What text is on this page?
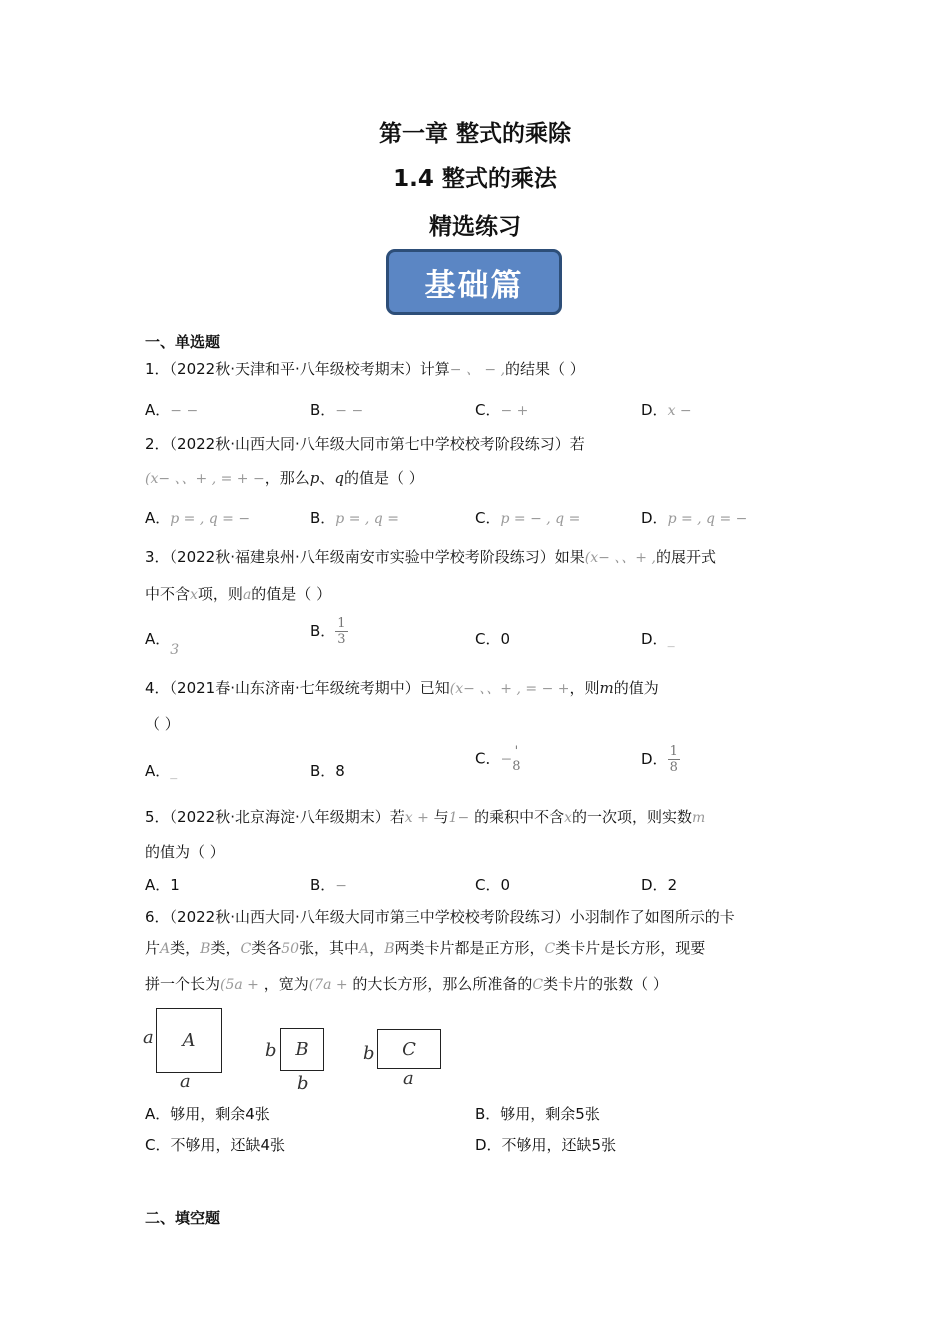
第一章 整式的乘除
1.4 整式的乘法
精选练习
基础篇
一、单选题
1．（2022秋·天津和平·八年级校考期末）计算− 、 − ,的结果（ ）
A．− −	B．− −	C．− +	D．x −
2．（2022秋·山西大同·八年级大同市第七中学校校考阶段练习）若
(x− 、、+ , = + −，那么p、q的值是（ ）
A．p = , q = −	B．p = , q =	C．p = − , q =	D．p = , q = −
3．（2022秋·福建泉州·八年级南安市实验中学校考阶段练习）如果(x− 、、+ ,的展开式
中不含x项，则a的值是（ ）
A．3
B． $\frac{1}{3}$	C．0	D．_
4．（2021春·山东济南·七年级统考期中）已知(x− 、、+ , = − +，则m的值为
（ ）
A．_	B．8
C．− '
8	D． $\frac{1}{8}$
5．（2022秋·北京海淀·八年级期末）若x + 与1− 的乘积中不含x的一次项，则实数m
的值为（ ）
A．1	B．−	C．0	D．2
6．（2022秋·山西大同·八年级大同市第三中学校校考阶段练习）小羽制作了如图所示的卡
片A类，B类，C类各50张，其中A，B两类卡片都是正方形，C类卡片是长方形，现要
拼一个长为(5a + ，宽为(7a + 的大长方形，那么所准备的C类卡片的张数（ ）
a A
a
b B
b
b C
a
A．够用，剩余4张	B．够用，剩余5张
C．不够用，还缺4张	D．不够用，还缺5张
二、填空题
